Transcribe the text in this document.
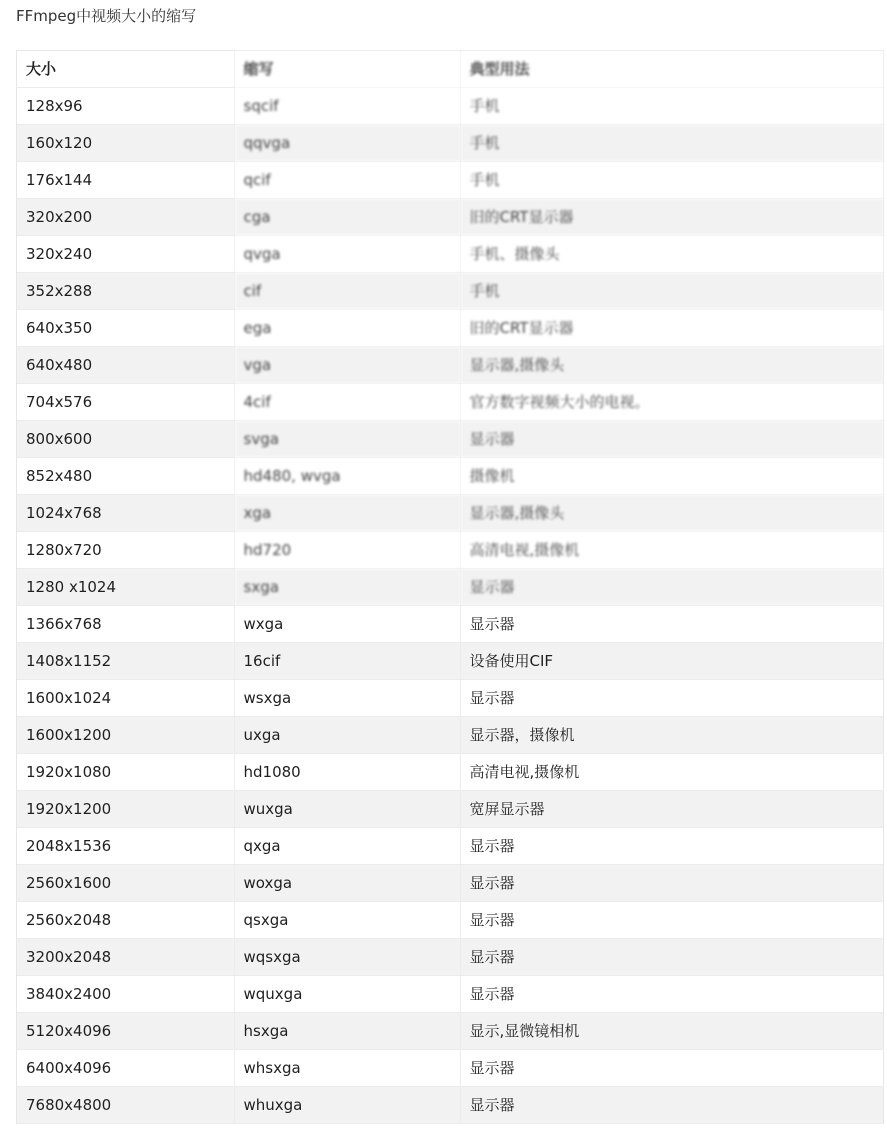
FFmpeg中视频大小的缩写
大小	缩写	典型用法
128x96	sqcif	手机
160x120	qqvga	手机
176x144	qcif	手机
320x200	cga	旧的CRT显示器
320x240	qvga	手机、摄像头
352x288	cif	手机
640x350	ega	旧的CRT显示器
640x480	vga	显示器,摄像头
704x576	4cif	官方数字视频大小的电视。
800x600	svga	显示器
852x480	hd480, wvga	摄像机
1024x768	xga	显示器,摄像头
1280x720	hd720	高清电视,摄像机
1280 x1024	sxga	显示器
1366x768	wxga	显示器
1408x1152	16cif	设备使用CIF
1600x1024	wsxga	显示器
1600x1200	uxga	显示器，摄像机
1920x1080	hd1080	高清电视,摄像机
1920x1200	wuxga	宽屏显示器
2048x1536	qxga	显示器
2560x1600	woxga	显示器
2560x2048	qsxga	显示器
3200x2048	wqsxga	显示器
3840x2400	wquxga	显示器
5120x4096	hsxga	显示,显微镜相机
6400x4096	whsxga	显示器
7680x4800	whuxga	显示器
